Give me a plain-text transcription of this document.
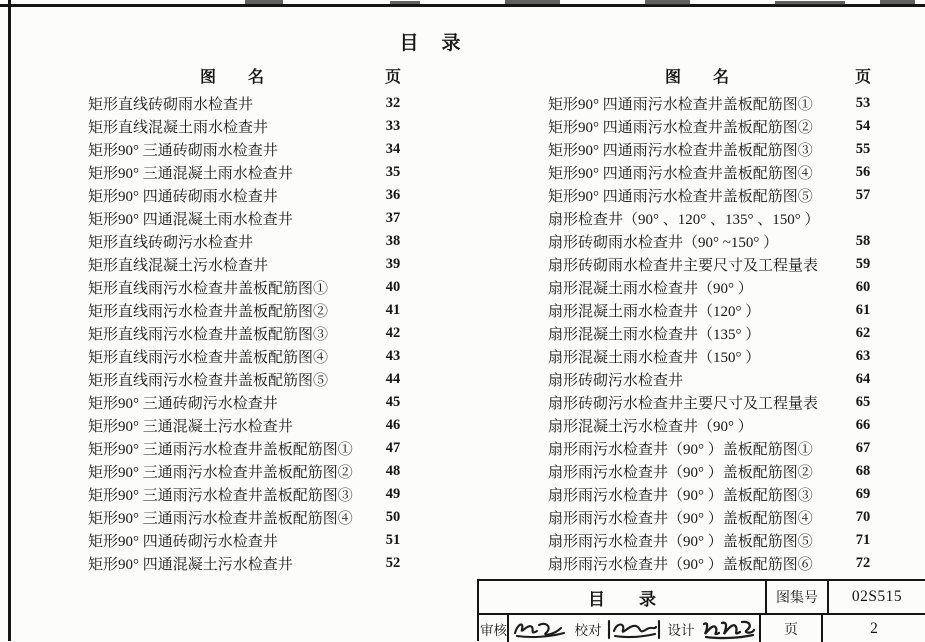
目　录
图　　名	页
矩形直线砖砌雨水检查井	32
矩形直线混凝土雨水检查井	33
矩形90° 三通砖砌雨水检查井	34
矩形90° 三通混凝土雨水检查井	35
矩形90° 四通砖砌雨水检查井	36
矩形90° 四通混凝土雨水检查井	37
矩形直线砖砌污水检查井	38
矩形直线混凝土污水检查井	39
矩形直线雨污水检查井盖板配筋图①	40
矩形直线雨污水检查井盖板配筋图②	41
矩形直线雨污水检查井盖板配筋图③	42
矩形直线雨污水检查井盖板配筋图④	43
矩形直线雨污水检查井盖板配筋图⑤	44
矩形90° 三通砖砌污水检查井	45
矩形90° 三通混凝土污水检查井	46
矩形90° 三通雨污水检查井盖板配筋图①	47
矩形90° 三通雨污水检查井盖板配筋图②	48
矩形90° 三通雨污水检查井盖板配筋图③	49
矩形90° 三通雨污水检查井盖板配筋图④	50
矩形90° 四通砖砌污水检查井	51
矩形90° 四通混凝土污水检查井	52
图　　名	页
矩形90° 四通雨污水检查井盖板配筋图①	53
矩形90° 四通雨污水检查井盖板配筋图②	54
矩形90° 四通雨污水检查井盖板配筋图③	55
矩形90° 四通雨污水检查井盖板配筋图④	56
矩形90° 四通雨污水检查井盖板配筋图⑤	57
扇形检查井（90° 、120° 、135° 、150° ）
扇形砖砌雨水检查井（90° ~150° ）	58
扇形砖砌雨水检查井主要尺寸及工程量表	59
扇形混凝土雨水检查井（90° ）	60
扇形混凝土雨水检查井（120° ）	61
扇形混凝土雨水检查井（135° ）	62
扇形混凝土雨水检查井（150° ）	63
扇形砖砌污水检查井	64
扇形砖砌污水检查井主要尺寸及工程量表	65
扇形混凝土污水检查井（90° ）	66
扇形雨污水检查井（90° ）盖板配筋图①	67
扇形雨污水检查井（90° ）盖板配筋图②	68
扇形雨污水检查井（90° ）盖板配筋图③	69
扇形雨污水检查井（90° ）盖板配筋图④	70
扇形雨污水检查井（90° ）盖板配筋图⑤	71
扇形雨污水检查井（90° ）盖板配筋图⑥	72
目　　录	图集号	02S515
审核	校对	设计	页	2
